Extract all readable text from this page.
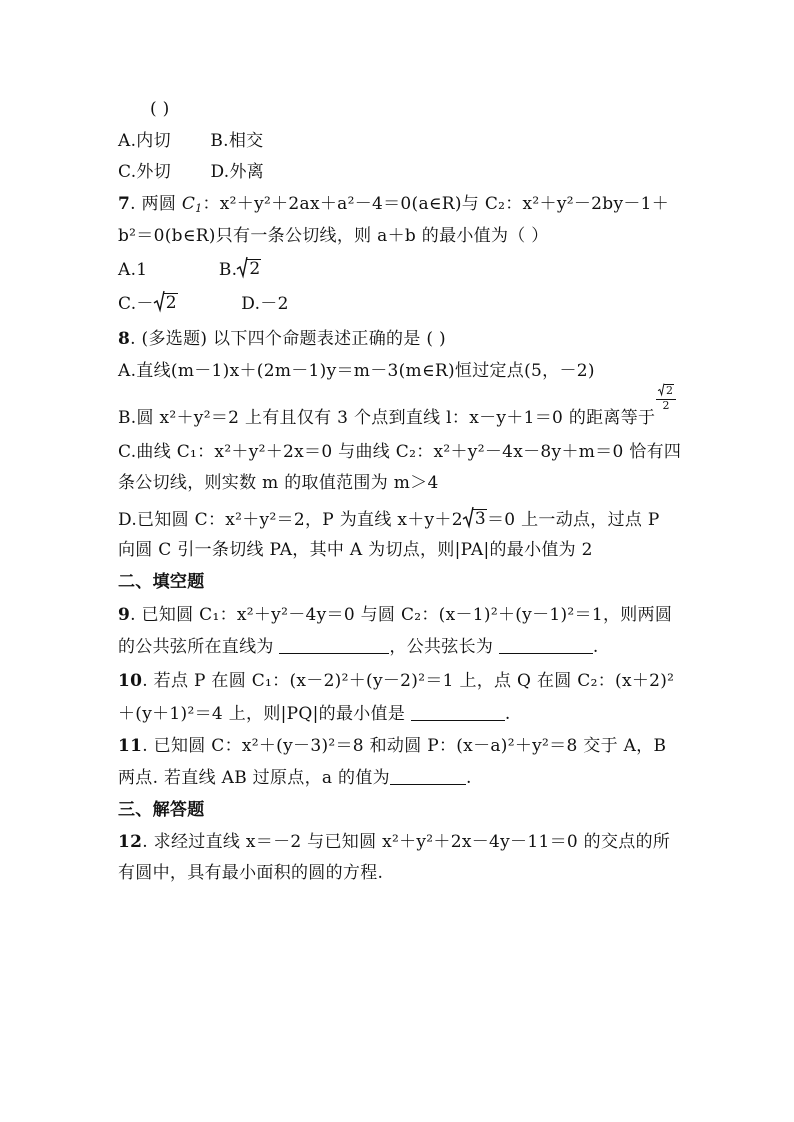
( )
A.内切 B.相交
C.外切 D.外离
7. 两圆 $C_1$：x²＋y²＋2ax＋a²－4＝0(a∈R)与 C₂：x²＋y²－2by－1＋
b²＝0(b∈R)只有一条公切线，则 a＋b 的最小值为（ ）
A.1	B. 2
C.－ 2	D.－2
8. (多选题) 以下四个命题表述正确的是 ( )
A.直线(m－1)x＋(2m－1)y＝m－3(m∈R)恒过定点(5，－2)
B.圆 x²＋y²＝2 上有且仅有 3 个点到直线 l：x－y＋1＝0 的距离等于
$\frac{2}{2}$
C.曲线 C₁：x²＋y²＋2x＝0 与曲线 C₂：x²＋y²－4x－8y＋m＝0 恰有四
条公切线，则实数 m 的取值范围为 m＞4
D.已知圆 C：x²＋y²＝2，P 为直线 x＋y＋2 3＝0 上一动点，过点 P
向圆 C 引一条切线 PA，其中 A 为切点，则|PA|的最小值为 2
二、填空题
9. 已知圆 C₁：x²＋y²－4y＝0 与圆 C₂：(x－1)²＋(y－1)²＝1，则两圆
的公共弦所在直线为	，公共弦长为	.
10. 若点 P 在圆 C₁：(x－2)²＋(y－2)²＝1 上，点 Q 在圆 C₂：(x＋2)²
＋(y＋1)²＝4 上，则|PQ|的最小值是	.
11. 已知圆 C：x²＋(y－3)²＝8 和动圆 P：(x－a)²＋y²＝8 交于 A，B
两点. 若直线 AB 过原点，a 的值为	.
三、解答题
12. 求经过直线 x＝－2 与已知圆 x²＋y²＋2x－4y－11＝0 的交点的所
有圆中，具有最小面积的圆的方程.
